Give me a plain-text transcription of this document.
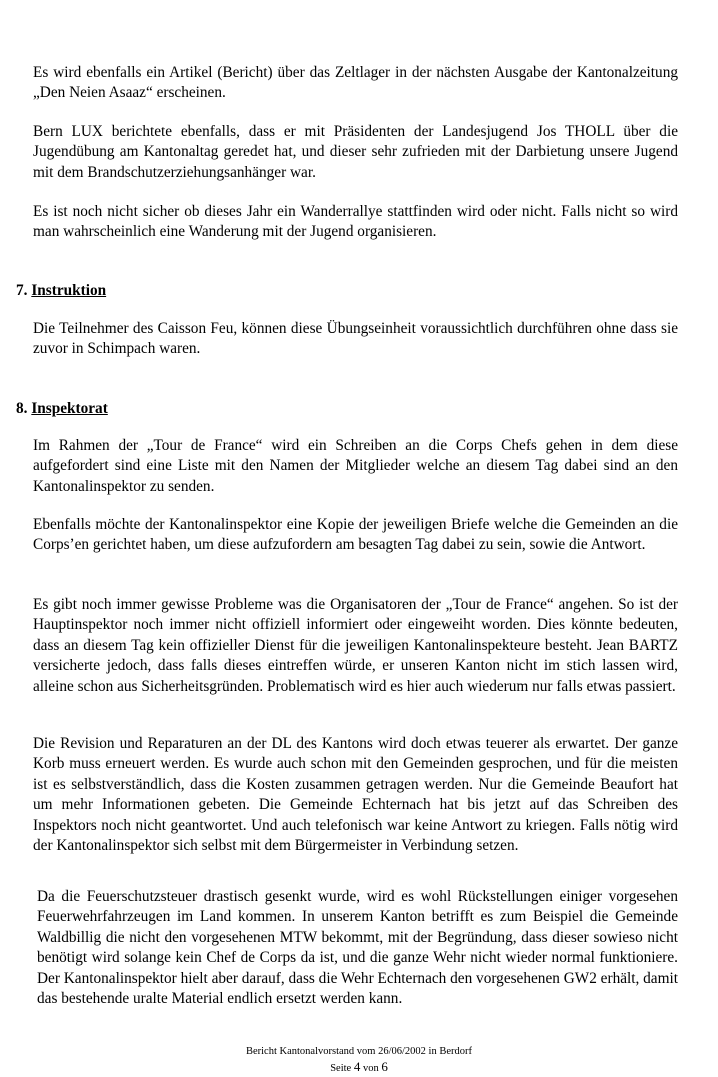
Es wird ebenfalls ein Artikel (Bericht) über das Zeltlager in der nächsten Ausgabe der Kantonalzeitung „Den Neien Asaaz“ erscheinen.

Bern LUX berichtete ebenfalls, dass er mit Präsidenten der Landesjugend Jos THOLL über die Jugendübung am Kantonaltag geredet hat, und dieser sehr zufrieden mit der Darbietung unsere Jugend mit dem Brandschutzerziehungsanhänger war.

Es ist noch nicht sicher ob dieses Jahr ein Wanderrallye stattfinden wird oder nicht. Falls nicht so wird man wahrscheinlich eine Wanderung mit der Jugend organisieren.

7. Instruktion

Die Teilnehmer des Caisson Feu, können diese Übungseinheit voraussichtlich durchführen ohne dass sie zuvor in Schimpach waren.

8. Inspektorat

Im Rahmen der „Tour de France“ wird ein Schreiben an die Corps Chefs gehen in dem diese aufgefordert sind eine Liste mit den Namen der Mitglieder welche an diesem Tag dabei sind an den Kantonalinspektor zu senden.

Ebenfalls möchte der Kantonalinspektor eine Kopie der jeweiligen Briefe welche die Gemeinden an die Corps’en gerichtet haben, um diese aufzufordern am besagten Tag dabei zu sein, sowie die Antwort.

Es gibt noch immer gewisse Probleme was die Organisatoren der „Tour de France“ angehen. So ist der Hauptinspektor noch immer nicht offiziell informiert oder eingeweiht worden. Dies könnte bedeuten, dass an diesem Tag kein offizieller Dienst für die jeweiligen Kantonalinspekteure besteht. Jean BARTZ versicherte jedoch, dass falls dieses eintreffen würde, er unseren Kanton nicht im stich lassen wird, alleine schon aus Sicherheitsgründen. Problematisch wird es hier auch wiederum nur falls etwas passiert.

Die Revision und Reparaturen an der DL des Kantons wird doch etwas teuerer als erwartet. Der ganze Korb muss erneuert werden. Es wurde auch schon mit den Gemeinden gesprochen, und für die meisten ist es selbstverständlich, dass die Kosten zusammen getragen werden. Nur die Gemeinde Beaufort hat um mehr Informationen gebeten. Die Gemeinde Echternach hat bis jetzt auf das Schreiben des Inspektors noch nicht geantwortet. Und auch telefonisch war keine Antwort zu kriegen. Falls nötig wird der Kantonalinspektor sich selbst mit dem Bürgermeister in Verbindung setzen.

Da die Feuerschutzsteuer drastisch gesenkt wurde, wird es wohl Rückstellungen einiger vorgesehen Feuerwehrfahrzeugen im Land kommen. In unserem Kanton betrifft es zum Beispiel die Gemeinde Waldbillig die nicht den vorgesehenen MTW bekommt, mit der Begründung, dass dieser sowieso nicht benötigt wird solange kein Chef de Corps da ist, und die ganze Wehr nicht wieder normal funktioniere. Der Kantonalinspektor hielt aber darauf, dass die Wehr Echternach den vorgesehenen GW2 erhält, damit das bestehende uralte Material endlich ersetzt werden kann.

Bericht Kantonalvorstand vom 26/06/2002 in Berdorf

Seite 4 von 6
